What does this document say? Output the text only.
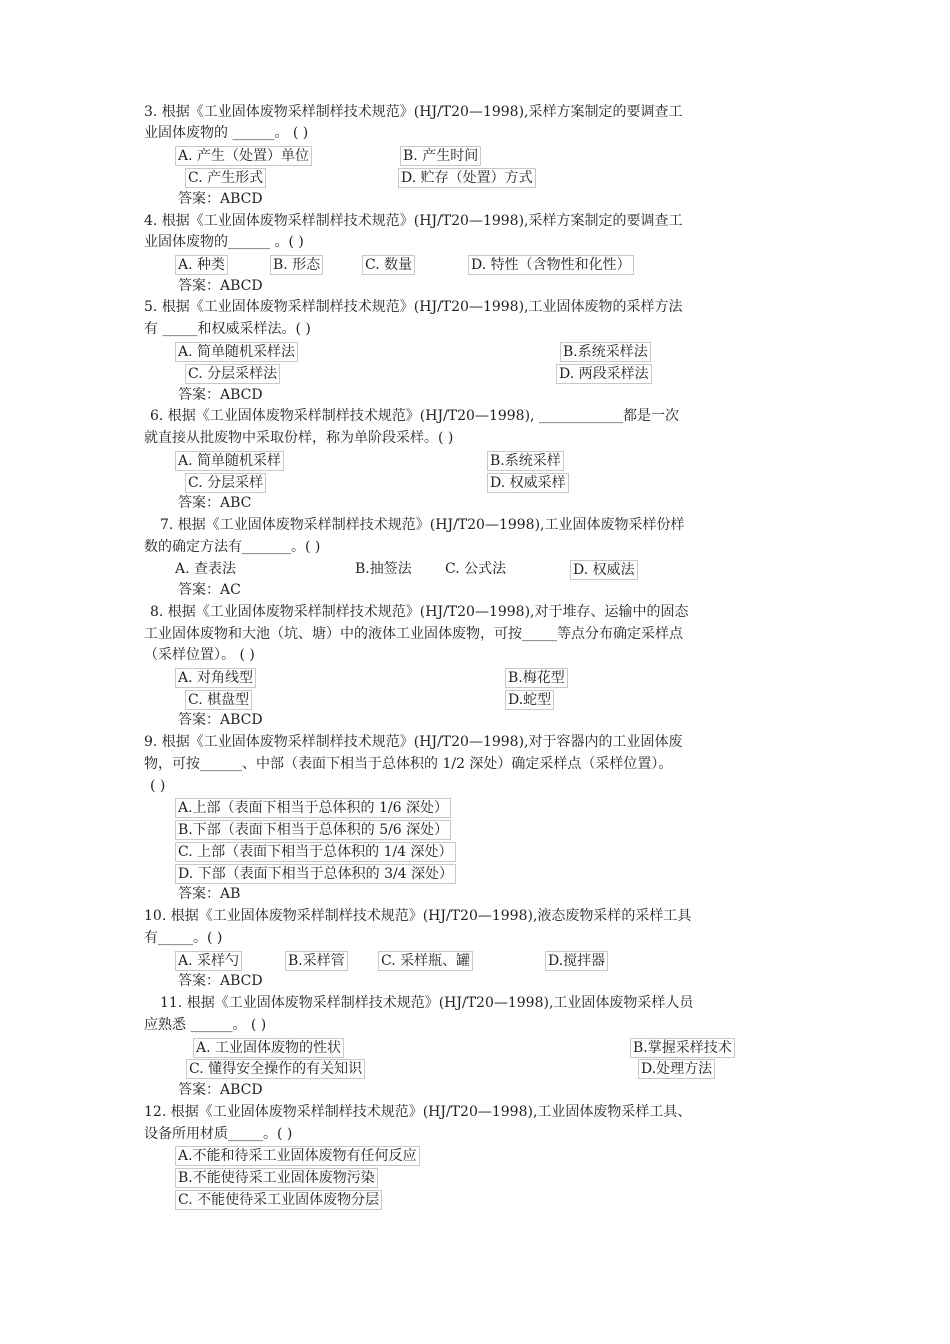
3. 根据《工业固体废物采样制样技术规范》(HJ/T20—1998),采样方案制定的要调查工
业固体废物的 ______。 ( )
A. 产生（处置）单位	B. 产生时间
C. 产生形式	D. 贮存（处置）方式
答案：ABCD
4. 根据《工业固体废物采样制样技术规范》(HJ/T20—1998),采样方案制定的要调查工
业固体废物的______ 。( )
A. 种类	B. 形态	C. 数量	D. 特性（含物性和化性）
答案：ABCD
5. 根据《工业固体废物采样制样技术规范》(HJ/T20—1998),工业固体废物的采样方法
有 _____和权威采样法。( )
A. 简单随机采样法	B.系统采样法
C. 分层采样法	D. 两段采样法
答案：ABCD
6. 根据《工业固体废物采样制样技术规范》(HJ/T20—1998), ____________都是一次
就直接从批废物中采取份样，称为单阶段采样。( )
A. 简单随机采样	B.系统采样
C. 分层采样	D. 权威采样
答案：ABC
7. 根据《工业固体废物采样制样技术规范》(HJ/T20—1998),工业固体废物采样份样
数的确定方法有_______。( )
A. 查表法	B.抽签法 C. 公式法	D. 权威法
答案：AC
8. 根据《工业固体废物采样制样技术规范》(HJ/T20—1998),对于堆存、运输中的固态
工业固体废物和大池（坑、塘）中的液体工业固体废物，可按_____等点分布确定采样点
（采样位置）。 ( )
A. 对角线型	B.梅花型
C. 棋盘型	D.蛇型
答案：ABCD
9. 根据《工业固体废物采样制样技术规范》(HJ/T20—1998),对于容器内的工业固体废
物，可按______、中部（表面下相当于总体积的 1/2 深处）确定采样点（采样位置）。
( )
A.上部（表面下相当于总体积的 1/6 深处）
B.下部（表面下相当于总体积的 5/6 深处）
C. 上部（表面下相当于总体积的 1/4 深处）
D. 下部（表面下相当于总体积的 3/4 深处）
答案：AB
10. 根据《工业固体废物采样制样技术规范》(HJ/T20—1998),液态废物采样的采样工具
有_____。( )
A. 采样勺	B.采样管	C. 采样瓶、罐	D.搅拌器
答案：ABCD
11. 根据《工业固体废物采样制样技术规范》(HJ/T20—1998),工业固体废物采样人员
应熟悉 ______。 ( )
A. 工业固体废物的性状	B.掌握采样技术
C. 懂得安全操作的有关知识	D.处理方法
答案：ABCD
12. 根据《工业固体废物采样制样技术规范》(HJ/T20—1998),工业固体废物采样工具、
设备所用材质_____。( )
A.不能和待采工业固体废物有任何反应
B.不能使待采工业固体废物污染
C. 不能使待采工业固体废物分层
